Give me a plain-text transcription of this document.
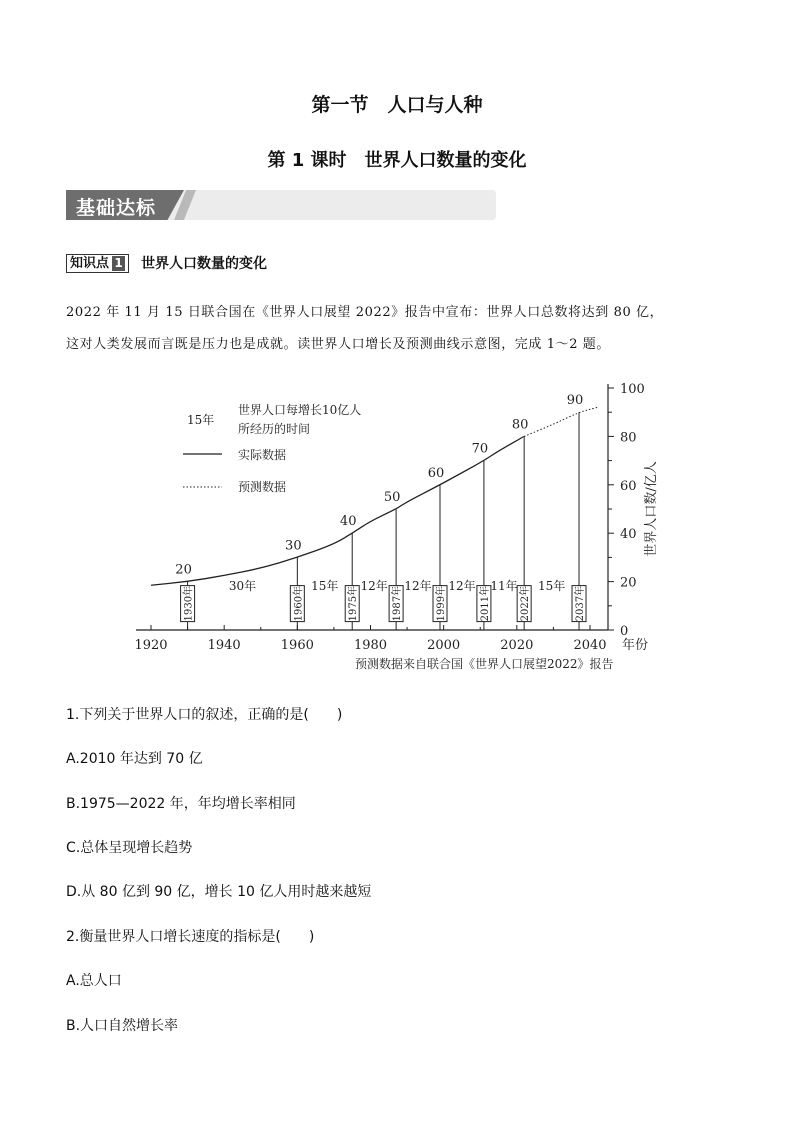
第一节　人口与人种
第 1 课时　世界人口数量的变化
基础达标
知识点 1 世界人口数量的变化
2022 年 11 月 15 日联合国在《世界人口展望 2022》报告中宣布：世界人口总数将达到 80 亿，
这对人类发展而言既是压力也是成就。读世界人口增长及预测曲线示意图，完成 1～2 题。
1920	1940	1960	1980	2000	2020	2040 年份
0
20
40
60
80
100
世界人口数/亿人
1930年
20
1960年
30
1975年
40
1987年
50
1999年
60
2011年
70
2022年
80
2037年
90
30年	15年 12年 12年 12年 11年 15年
15年
世界人口每增长10亿人
所经历的时间
实际数据
预测数据
预测数据来自联合国《世界人口展望2022》报告
1.下列关于世界人口的叙述，正确的是(　　)
A.2010 年达到 70 亿
B.1975—2022 年，年均增长率相同
C.总体呈现增长趋势
D.从 80 亿到 90 亿，增长 10 亿人用时越来越短
2.衡量世界人口增长速度的指标是(　　)
A.总人口
B.人口自然增长率
